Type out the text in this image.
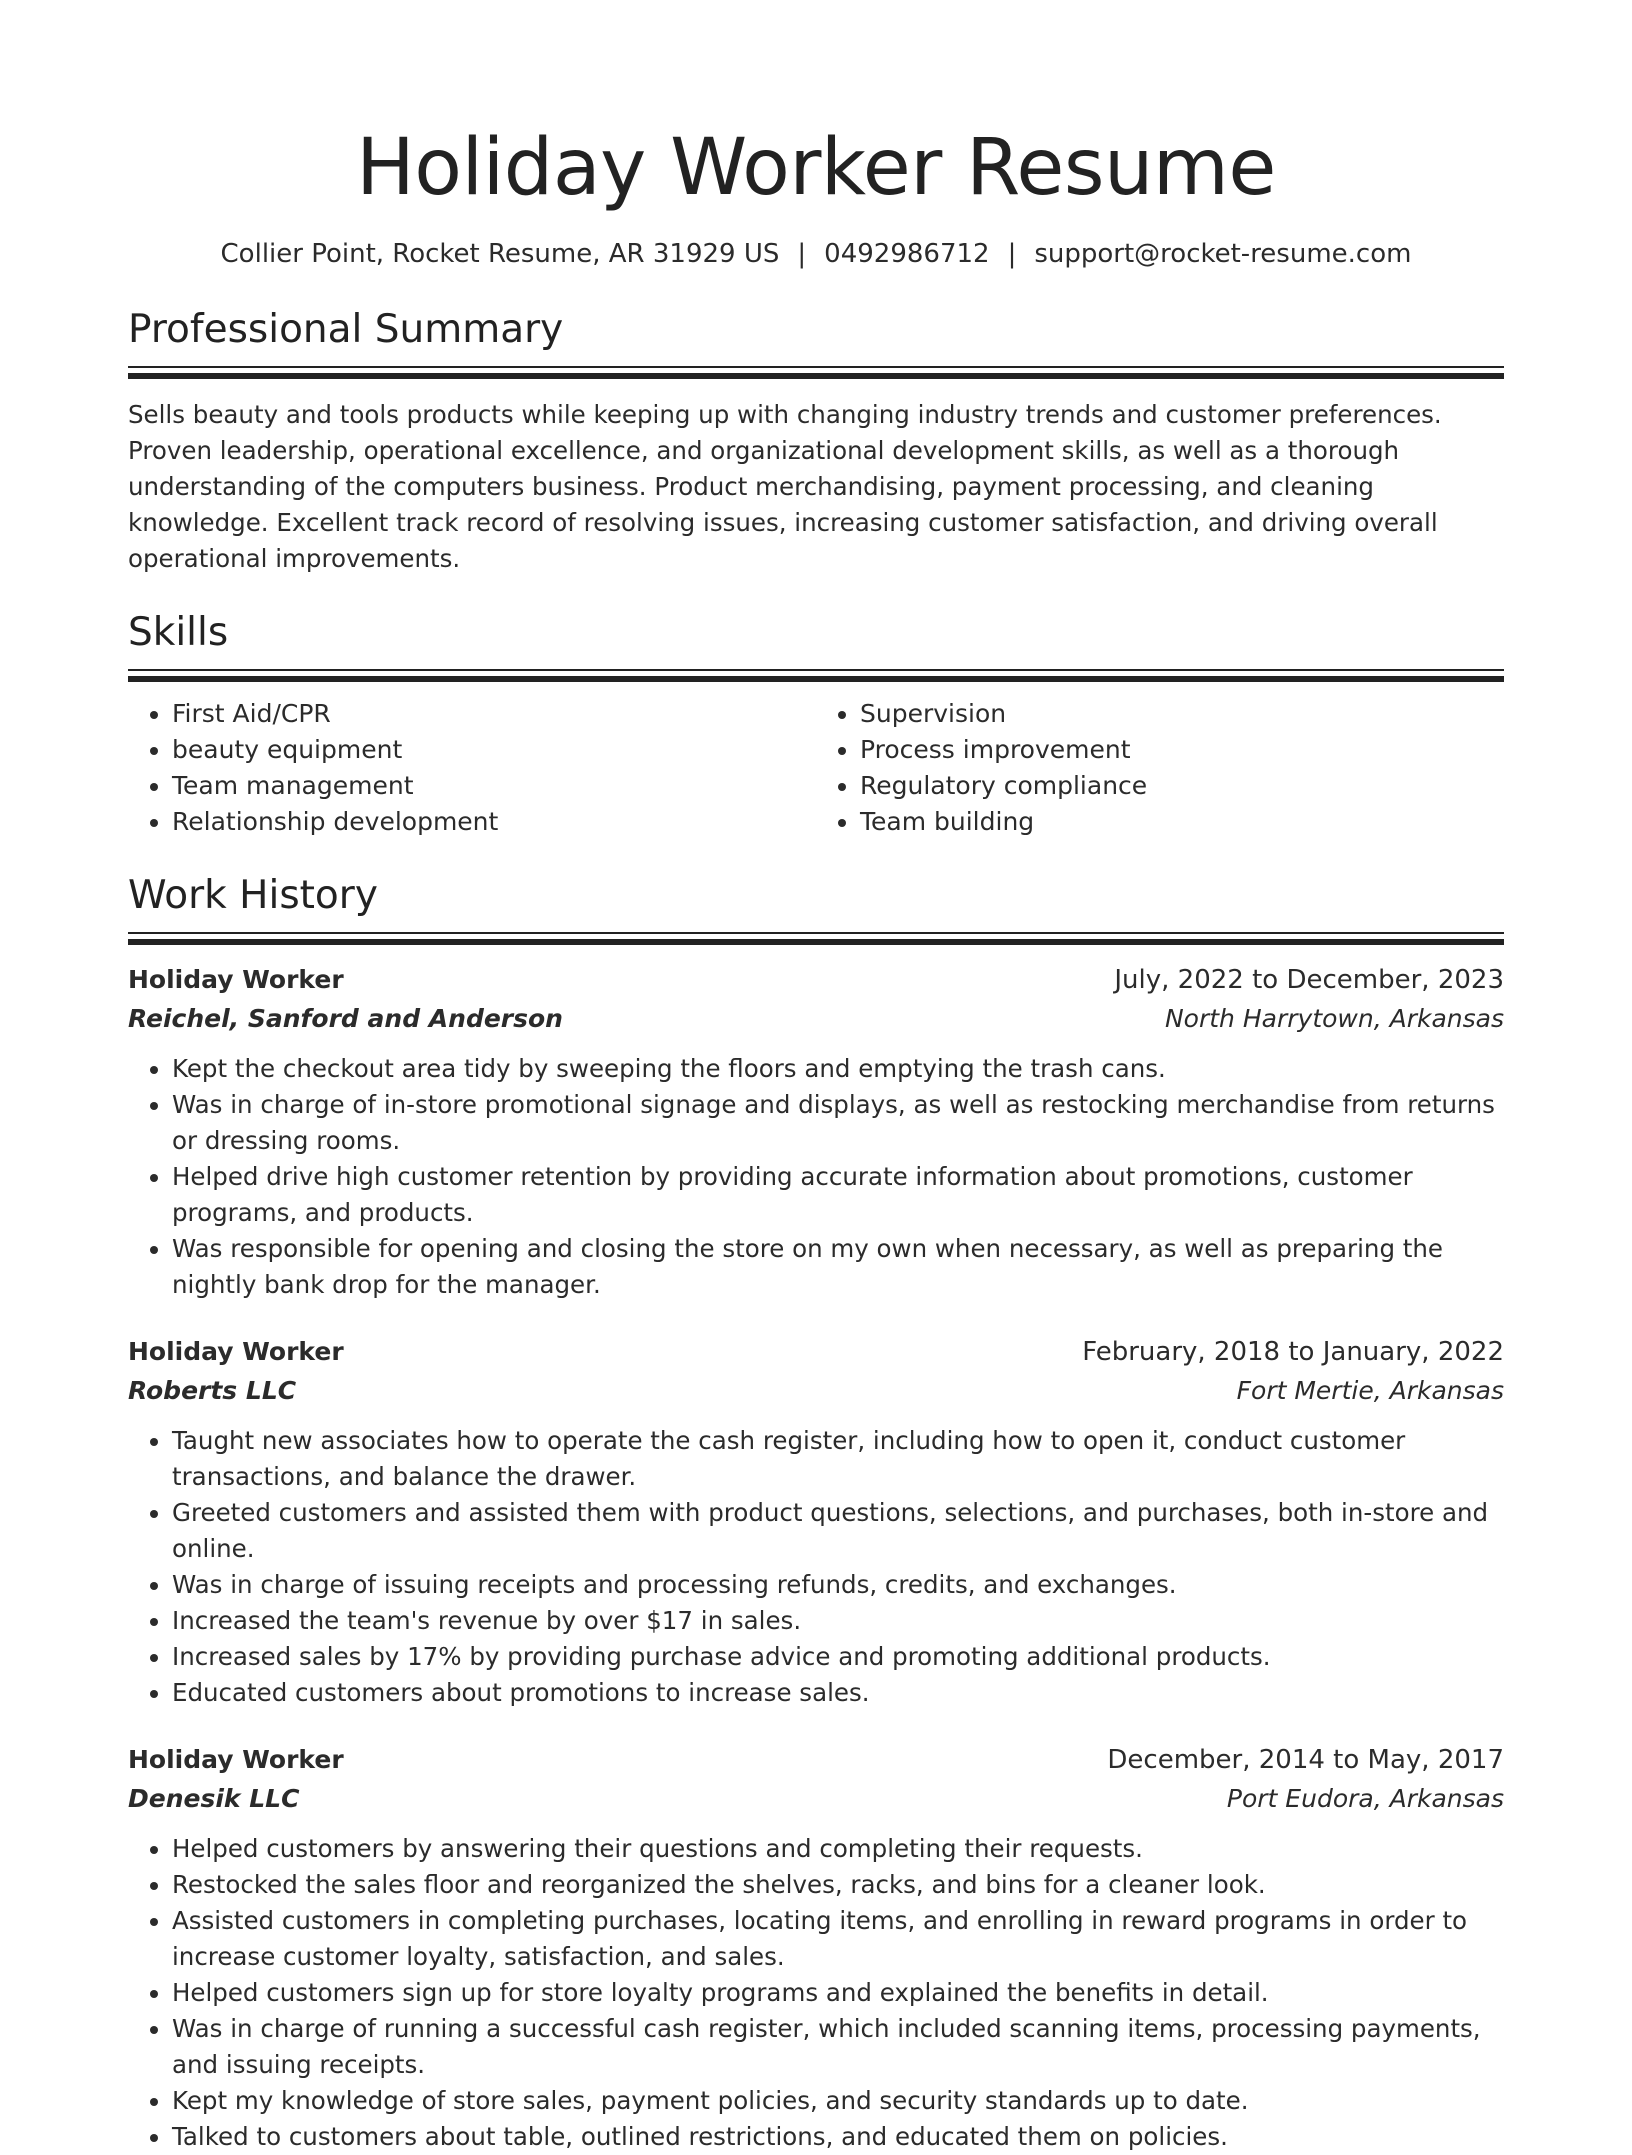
Holiday Worker Resume
Collier Point, Rocket Resume, AR 31929 US | 0492986712 | support@rocket-resume.com
Professional Summary

Sells beauty and tools products while keeping up with changing industry trends and customer preferences. Proven leadership, operational excellence, and organizational development skills, as well as a thorough understanding of the computers business. Product merchandising, payment processing, and cleaning knowledge. Excellent track record of resolving issues, increasing customer satisfaction, and driving overall operational improvements.

Skills
• First Aid/CPR
• beauty equipment
• Team management
• Relationship development
• Supervision
• Process improvement
• Regulatory compliance
• Team building
Work History
Holiday Worker	July, 2022 to December, 2023
Reichel, Sanford and Anderson	North Harrytown, Arkansas
• Kept the checkout area tidy by sweeping the floors and emptying the trash cans.
• Was in charge of in-store promotional signage and displays, as well as restocking merchandise from returns or dressing rooms.
• Helped drive high customer retention by providing accurate information about promotions, customer programs, and products.
• Was responsible for opening and closing the store on my own when necessary, as well as preparing the nightly bank drop for the manager.
Holiday Worker	February, 2018 to January, 2022
Roberts LLC	Fort Mertie, Arkansas
• Taught new associates how to operate the cash register, including how to open it, conduct customer transactions, and balance the drawer.
• Greeted customers and assisted them with product questions, selections, and purchases, both in-store and online.
• Was in charge of issuing receipts and processing refunds, credits, and exchanges.
• Increased the team's revenue by over $17 in sales.
• Increased sales by 17% by providing purchase advice and promoting additional products.
• Educated customers about promotions to increase sales.
Holiday Worker	December, 2014 to May, 2017
Denesik LLC	Port Eudora, Arkansas
• Helped customers by answering their questions and completing their requests.
• Restocked the sales floor and reorganized the shelves, racks, and bins for a cleaner look.
• Assisted customers in completing purchases, locating items, and enrolling in reward programs in order to increase customer loyalty, satisfaction, and sales.
• Helped customers sign up for store loyalty programs and explained the benefits in detail.
• Was in charge of running a successful cash register, which included scanning items, processing payments, and issuing receipts.
• Kept my knowledge of store sales, payment policies, and security standards up to date.
• Talked to customers about table, outlined restrictions, and educated them on policies.
